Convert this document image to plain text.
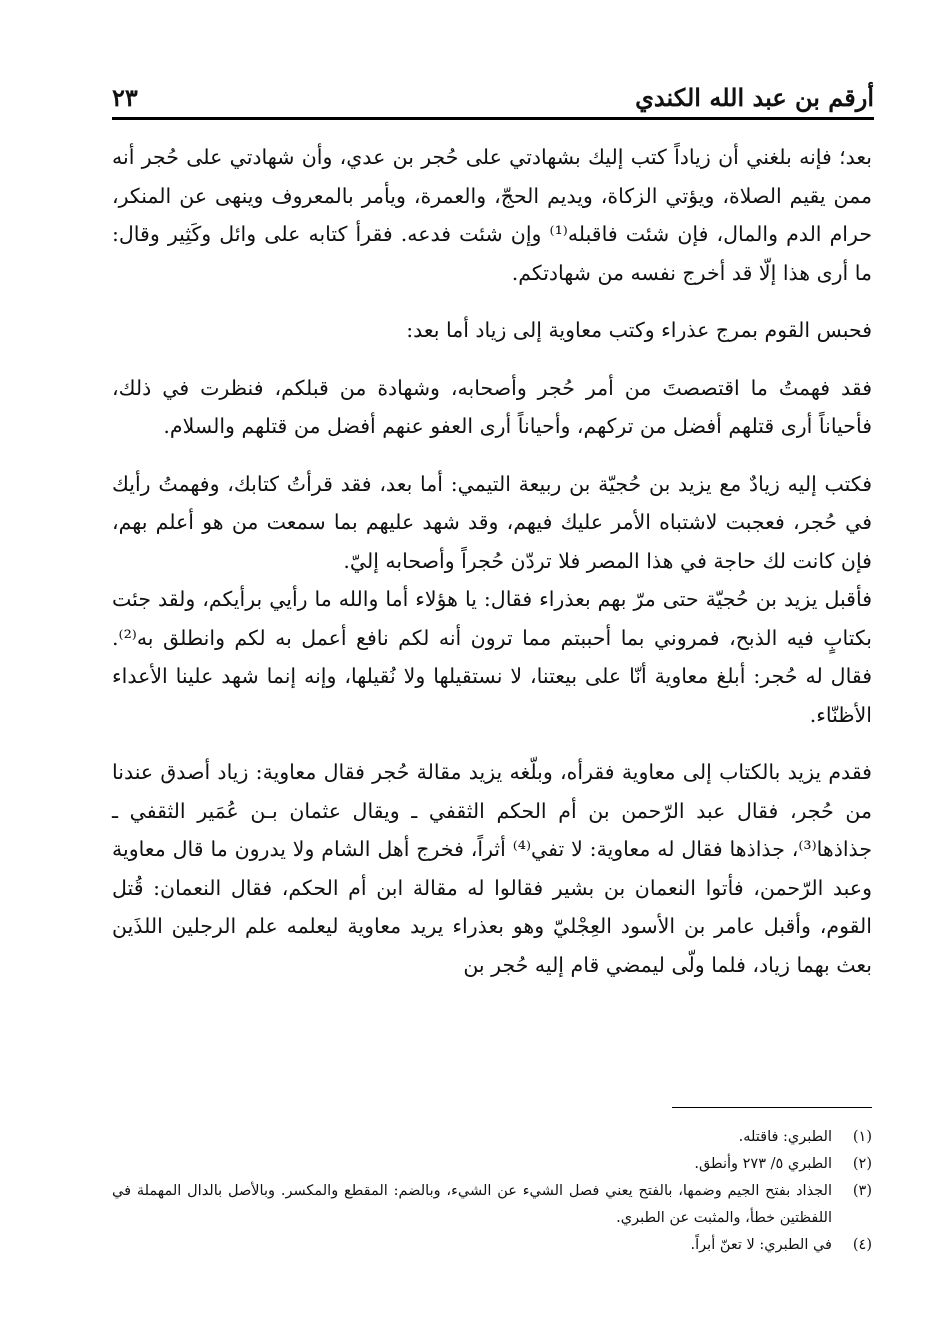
أرقم بن عبد الله الكندي
٢٣

بعد؛ فإنه بلغني أن زياداً كتب إليك بشهادتي على حُجر بن عدي، وأن شهادتي على حُجر أنه ممن يقيم الصلاة، ويؤتي الزكاة، ويديم الحجّ، والعمرة، ويأمر بالمعروف وينهى عن المنكر، حرام الدم والمال، فإن شئت فاقبله⁽¹⁾ وإن شئت فدعه. فقرأ كتابه على وائل وكَثِير وقال: ما أرى هذا إلّا قد أخرج نفسه من شهادتكم.

فحبس القوم بمرج عذراء وكتب معاوية إلى زياد أما بعد:

فقد فهمتُ ما اقتصصتَ من أمر حُجر وأصحابه، وشهادة من قبلكم، فنظرت في ذلك، فأحياناً أرى قتلهم أفضل من تركهم، وأحياناً أرى العفو عنهم أفضل من قتلهم والسلام.

فكتب إليه زيادٌ مع يزيد بن حُجيّة بن ربيعة التيمي: أما بعد، فقد قرأتُ كتابك، وفهمتُ رأيك في حُجر، فعجبت لاشتباه الأمر عليك فيهم، وقد شهد عليهم بما سمعت من هو أعلم بهم، فإن كانت لك حاجة في هذا المصر فلا تردّن حُجراً وأصحابه إليّ.

فأقبل يزيد بن حُجيّة حتى مرّ بهم بعذراء فقال: يا هؤلاء أما والله ما رأيي برأيكم، ولقد جئت بكتابٍ فيه الذبح، فمروني بما أحببتم مما ترون أنه لكم نافع أعمل به لكم وانطلق به⁽²⁾. فقال له حُجر: أبلغ معاوية أنّا على بيعتنا، لا نستقيلها ولا نُقيلها، وإنه إنما شهد علينا الأعداء الأظنّاء.

فقدم يزيد بالكتاب إلى معاوية فقرأه، وبلّغه يزيد مقالة حُجر فقال معاوية: زياد أصدق عندنا من حُجر، فقال عبد الرّحمن بن أم الحكم الثقفي ـ ويقال عثمان بـن عُمَير الثقفي ـ جذاذها⁽³⁾، جذاذها فقال له معاوية: لا تفي⁽⁴⁾ أثراً، فخرج أهل الشام ولا يدرون ما قال معاوية وعبد الرّحمن، فأتوا النعمان بن بشير فقالوا له مقالة ابن أم الحكم، فقال النعمان: قُتل القوم، وأقبل عامر بن الأسود العِجْليّ وهو بعذراء يريد معاوية ليعلمه علم الرجلين اللذَين بعث بهما زياد، فلما ولّى ليمضي قام إليه حُجر بن

(١)
الطبري: فاقتله.
(٢)
الطبري ٥/ ٢٧٣ وأنطق.
(٣)
الجذاد بفتح الجيم وضمها، بالفتح يعني فصل الشيء عن الشيء، وبالضم: المقطع والمكسر. وبالأصل بالدال المهملة في اللفظتين خطأ، والمثبت عن الطبري.
(٤)
في الطبري: لا تعنّ أبراً.
